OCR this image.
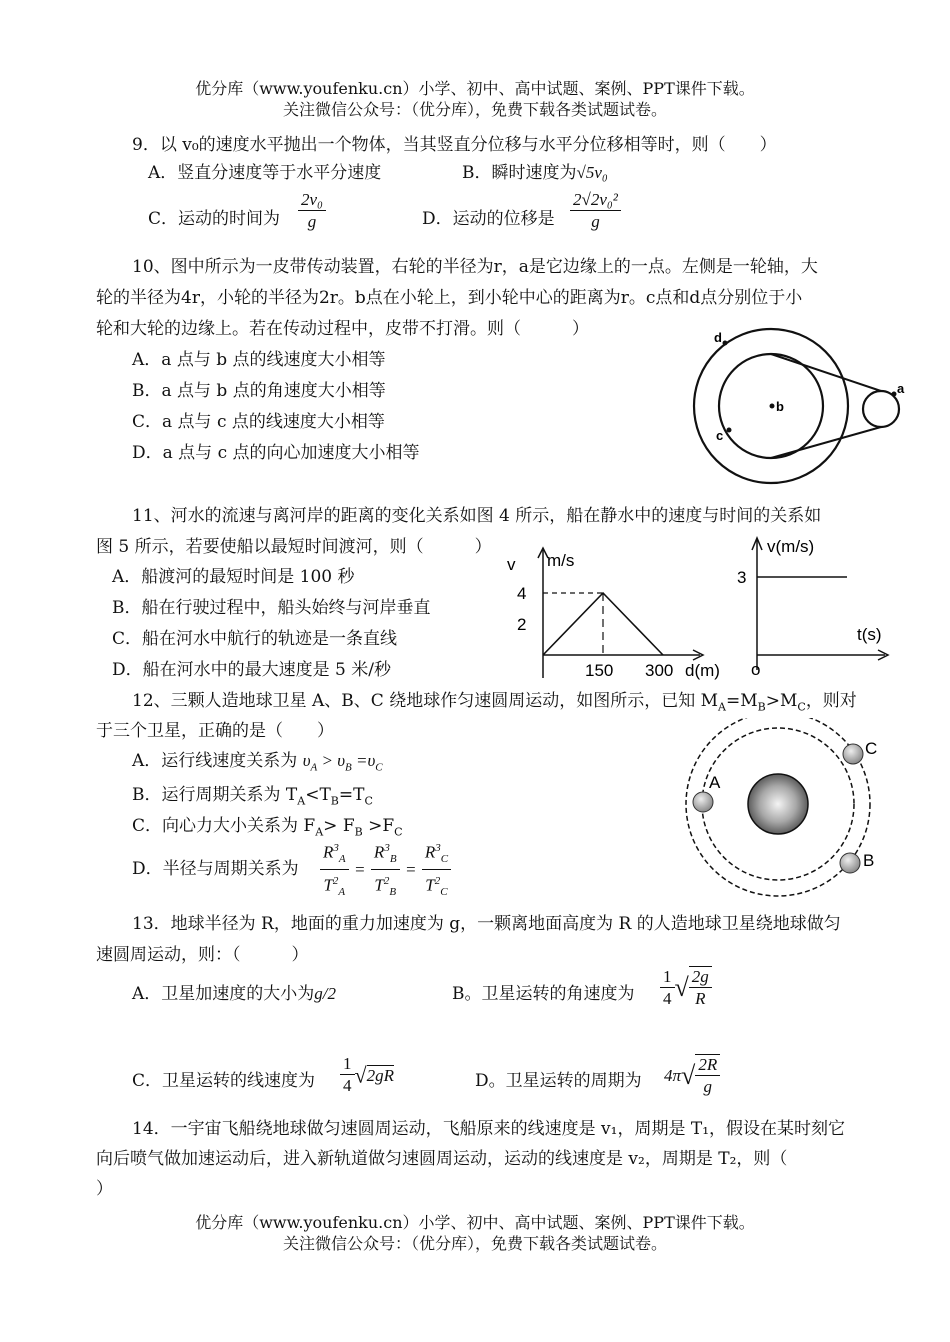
优分库（www.youfenku.cn）小学、初中、高中试题、案例、PPT课件下载。
关注微信公众号：（优分库），免费下载各类试题试卷。
9．以 v₀的速度水平抛出一个物体，当其竖直分位移与水平分位移相等时，则（　　）
A．竖直分速度等于水平分速度	B．瞬时速度为√5v₀
C．运动的时间为 $\frac{\text{2v₀}}{g}$	D．运动的位移是 $\frac{\text{2√2v₀²}}{g}$
10、图中所示为一皮带传动装置，右轮的半径为r，a是它边缘上的一点。左侧是一轮轴，大
轮的半径为4r，小轮的半径为2r。b点在小轮上，到小轮中心的距离为r。c点和d点分别位于小
轮和大轮的边缘上。若在传动过程中，皮带不打滑。则（　　　）
A．a 点与 b 点的线速度大小相等
B．a 点与 b 点的角速度大小相等
C．a 点与 c 点的线速度大小相等
D．a 点与 c 点的向心加速度大小相等
d
b
c
a
11、河水的流速与离河岸的距离的变化关系如图 4 所示，船在静水中的速度与时间的关系如
图 5 所示，若要使船以最短时间渡河，则（　　　）
A．船渡河的最短时间是 100 秒
B．船在行驶过程中，船头始终与河岸垂直
C．船在河水中航行的轨迹是一条直线
D．船在河水中的最大速度是 5 米/秒
v m/s
d(m)
2
4
150 300
v(m/s)
t(s)
o
3
12、三颗人造地球卫星 A、B、C 绕地球作匀速圆周运动，如图所示，已知 $M_A=M_B>M_C$，则对
于三个卫星，正确的是（　　）
A．运行线速度关系为 $\upsilon_A > \upsilon_B =\upsilon_C$
B．运行周期关系为 $T_A<T_B=T_C$
C．向心力大小关系为 $F_A> F_B >F_C$
D．半径与周期关系为 $\frac{R^3_A}{T^2_A} = \frac{R^3_B}{T^2_B} = \frac{R^3_C}{T^2_C}$
A
C
B
13．地球半径为 R，地面的重力加速度为 g，一颗离地面高度为 R 的人造地球卫星绕地球做匀
速圆周运动，则：（　　　）
A．卫星加速度的大小为g/2	B。卫星运转的角速度为 $\frac{1}{4}$ √ $\frac{2g}{R}$
C．卫星运转的线速度为 $\frac{1}{4} √2gR$	D。卫星运转的周期为 $4\pi√ \frac{2R}{g}$
14．一宇宙飞船绕地球做匀速圆周运动，飞船原来的线速度是 v₁，周期是 T₁，假设在某时刻它
向后喷气做加速运动后，进入新轨道做匀速圆周运动，运动的线速度是 v₂，周期是 T₂，则（
）
优分库（www.youfenku.cn）小学、初中、高中试题、案例、PPT课件下载。
关注微信公众号：（优分库），免费下载各类试题试卷。
